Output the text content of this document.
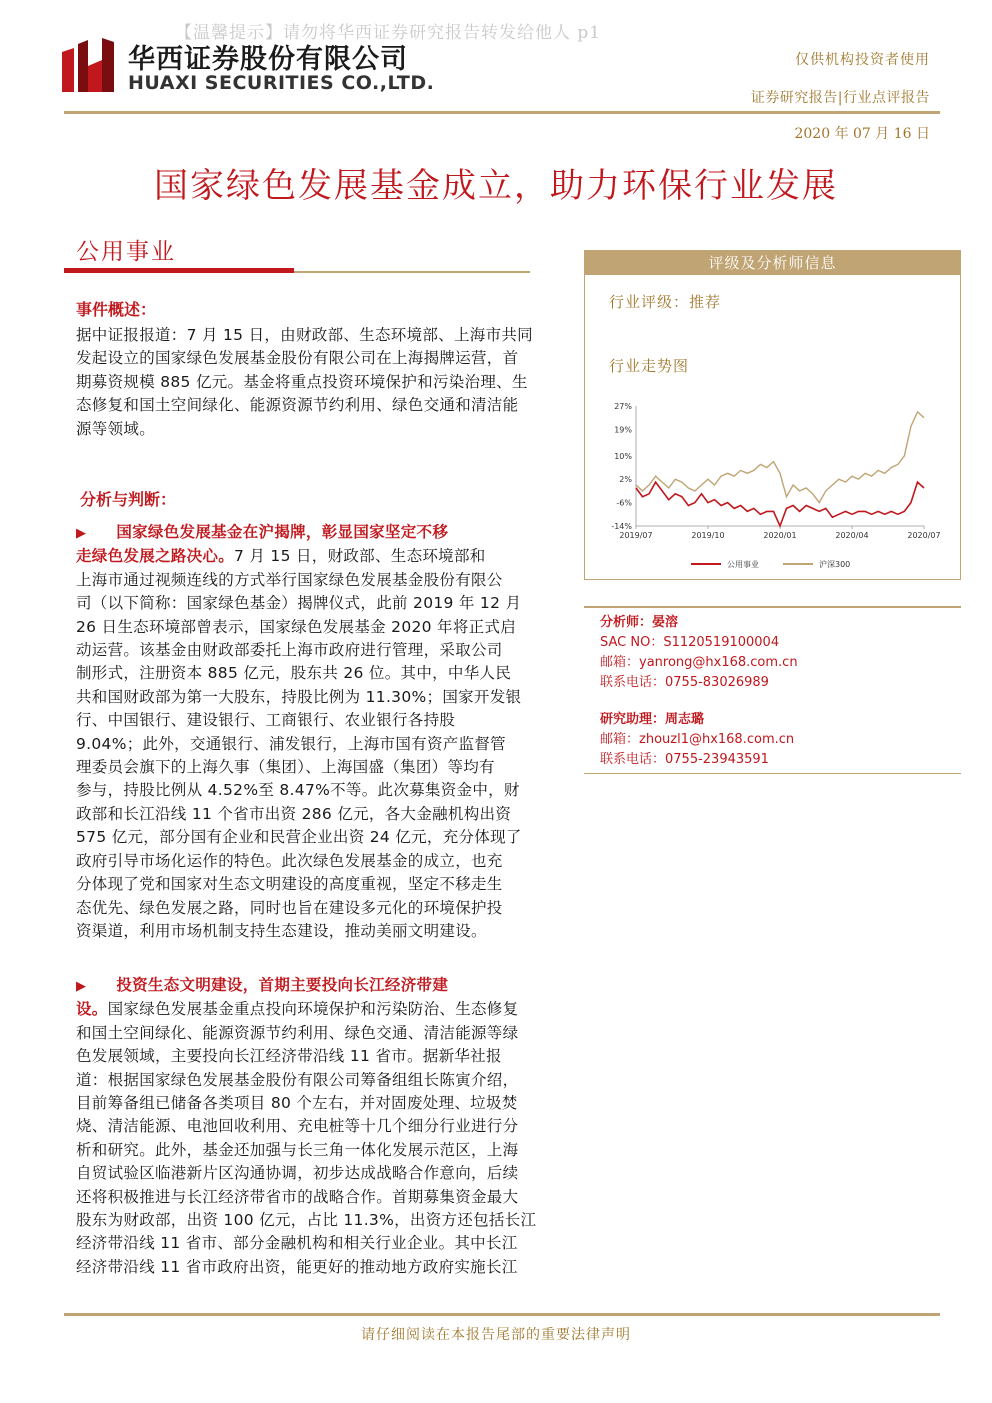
【温馨提示】请勿将华西证券研究报告转发给他人 p1
华西证券股份有限公司
HUAXI SECURITIES CO.,LTD.
仅供机构投资者使用
证券研究报告|行业点评报告
2020 年 07 月 16 日
国家绿色发展基金成立，助力环保行业发展
公用事业
事件概述：
据中证报报道：7 月 15 日，由财政部、生态环境部、上海市共同
发起设立的国家绿色发展基金股份有限公司在上海揭牌运营，首
期募资规模 885 亿元。基金将重点投资环境保护和污染治理、生
态修复和国土空间绿化、能源资源节约利用、绿色交通和清洁能
源等领域。
分析与判断：
▶ 国家绿色发展基金在沪揭牌，彰显国家坚定不移
走绿色发展之路决心。7 月 15 日，财政部、生态环境部和
上海市通过视频连线的方式举行国家绿色发展基金股份有限公
司（以下简称：国家绿色基金）揭牌仪式，此前 2019 年 12 月
26 日生态环境部曾表示，国家绿色发展基金 2020 年将正式启
动运营。该基金由财政部委托上海市政府进行管理，采取公司
制形式，注册资本 885 亿元，股东共 26 位。其中，中华人民
共和国财政部为第一大股东，持股比例为 11.30%；国家开发银
行、中国银行、建设银行、工商银行、农业银行各持股
9.04%；此外，交通银行、浦发银行，上海市国有资产监督管
理委员会旗下的上海久事（集团）、上海国盛（集团）等均有
参与，持股比例从 4.52%至 8.47%不等。此次募集资金中，财
政部和长江沿线 11 个省市出资 286 亿元，各大金融机构出资
575 亿元，部分国有企业和民营企业出资 24 亿元，充分体现了
政府引导市场化运作的特色。此次绿色发展基金的成立，也充
分体现了党和国家对生态文明建设的高度重视，坚定不移走生
态优先、绿色发展之路，同时也旨在建设多元化的环境保护投
资渠道，利用市场机制支持生态建设，推动美丽文明建设。
▶ 投资生态文明建设，首期主要投向长江经济带建
设。国家绿色发展基金重点投向环境保护和污染防治、生态修复
和国土空间绿化、能源资源节约利用、绿色交通、清洁能源等绿
色发展领域，主要投向长江经济带沿线 11 省市。据新华社报
道：根据国家绿色发展基金股份有限公司筹备组组长陈寅介绍，
目前筹备组已储备各类项目 80 个左右，并对固废处理、垃圾焚
烧、清洁能源、电池回收利用、充电桩等十几个细分行业进行分
析和研究。此外，基金还加强与长三角一体化发展示范区，上海
自贸试验区临港新片区沟通协调，初步达成战略合作意向，后续
还将积极推进与长江经济带省市的战略合作。首期募集资金最大
股东为财政部，出资 100 亿元，占比 11.3%，出资方还包括长江
经济带沿线 11 省市、部分金融机构和相关行业企业。其中长江
经济带沿线 11 省市政府出资，能更好的推动地方政府实施长江
评级及分析师信息
行业评级：推荐
行业走势图
27%
19%
10%
2%
-6%
-14%
2019/07	2019/10	2020/01	2020/04	2020/07
公用事业	沪深300
分析师：晏溶
SAC NO：S1120519100004
邮箱：yanrong@hx168.com.cn
联系电话：0755-83026989
研究助理：周志璐
邮箱：zhouzl1@hx168.com.cn
联系电话：0755-23943591
请仔细阅读在本报告尾部的重要法律声明
